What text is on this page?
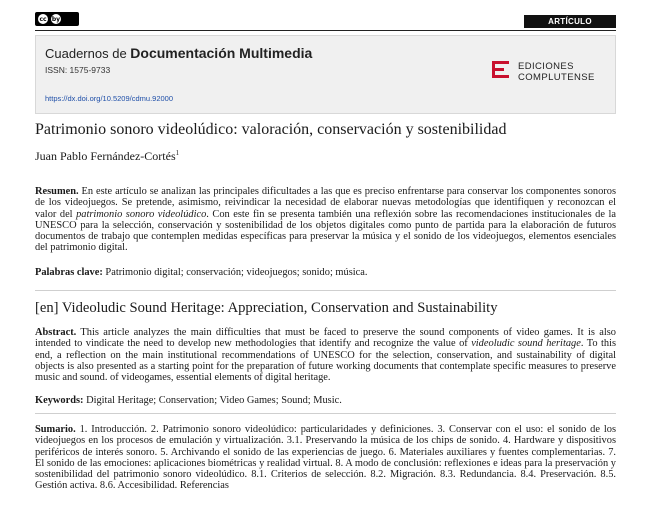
cc by	ARTÍCULO
Cuadernos de Documentación Multimedia
ISSN: 1575-9733
https://dx.doi.org/10.5209/cdmu.92000
EDICIONES
COMPLUTENSE
Patrimonio sonoro videolúdico: valoración, conservación y sostenibilidad
Juan Pablo Fernández-Cortés$^1$
Resumen. En este artículo se analizan las principales dificultades a las que es preciso enfrentarse para conservar los componentes sonoros de los videojuegos. Se pretende, asimismo, reivindicar la necesidad de elaborar nuevas metodologías que identifiquen y reconozcan el valor del patrimonio sonoro videolúdico. Con este fin se presenta también una reflexión sobre las recomendaciones institucionales de la UNESCO para la selección, conservación y sostenibilidad de los objetos digitales como punto de partida para la elaboración de futuros documentos de trabajo que contemplen medidas específicas para preservar la música y el sonido de los videojuegos, elementos esenciales del patrimonio digital.
Palabras clave: Patrimonio digital; conservación; videojuegos; sonido; música.
[en] Videoludic Sound Heritage: Appreciation, Conservation and Sustainability
Abstract. This article analyzes the main difficulties that must be faced to preserve the sound components of video games. It is also intended to vindicate the need to develop new methodologies that identify and recognize the value of videoludic sound heritage. To this end, a reflection on the main institutional recommendations of UNESCO for the selection, conservation, and sustainability of digital objects is also presented as a starting point for the preparation of future working documents that contemplate specific measures to preserve music and sound. of videogames, essential elements of digital heritage.
Keywords: Digital Heritage; Conservation; Video Games; Sound; Music.
Sumario. 1. Introducción. 2. Patrimonio sonoro videolúdico: particularidades y definiciones. 3. Conservar con el uso: el sonido de los videojuegos en los procesos de emulación y virtualización. 3.1. Preservando la música de los chips de sonido. 4. Hardware y dispositivos periféricos de interés sonoro. 5. Archivando el sonido de las experiencias de juego. 6. Materiales auxiliares y fuentes complementarias. 7. El sonido de las emociones: aplicaciones biométricas y realidad virtual. 8. A modo de conclusión: reflexiones e ideas para la preservación y sostenibilidad del patrimonio sonoro videolúdico. 8.1. Criterios de selección. 8.2. Migración. 8.3. Redundancia. 8.4. Preservación. 8.5. Gestión activa. 8.6. Accesibilidad. Referencias
